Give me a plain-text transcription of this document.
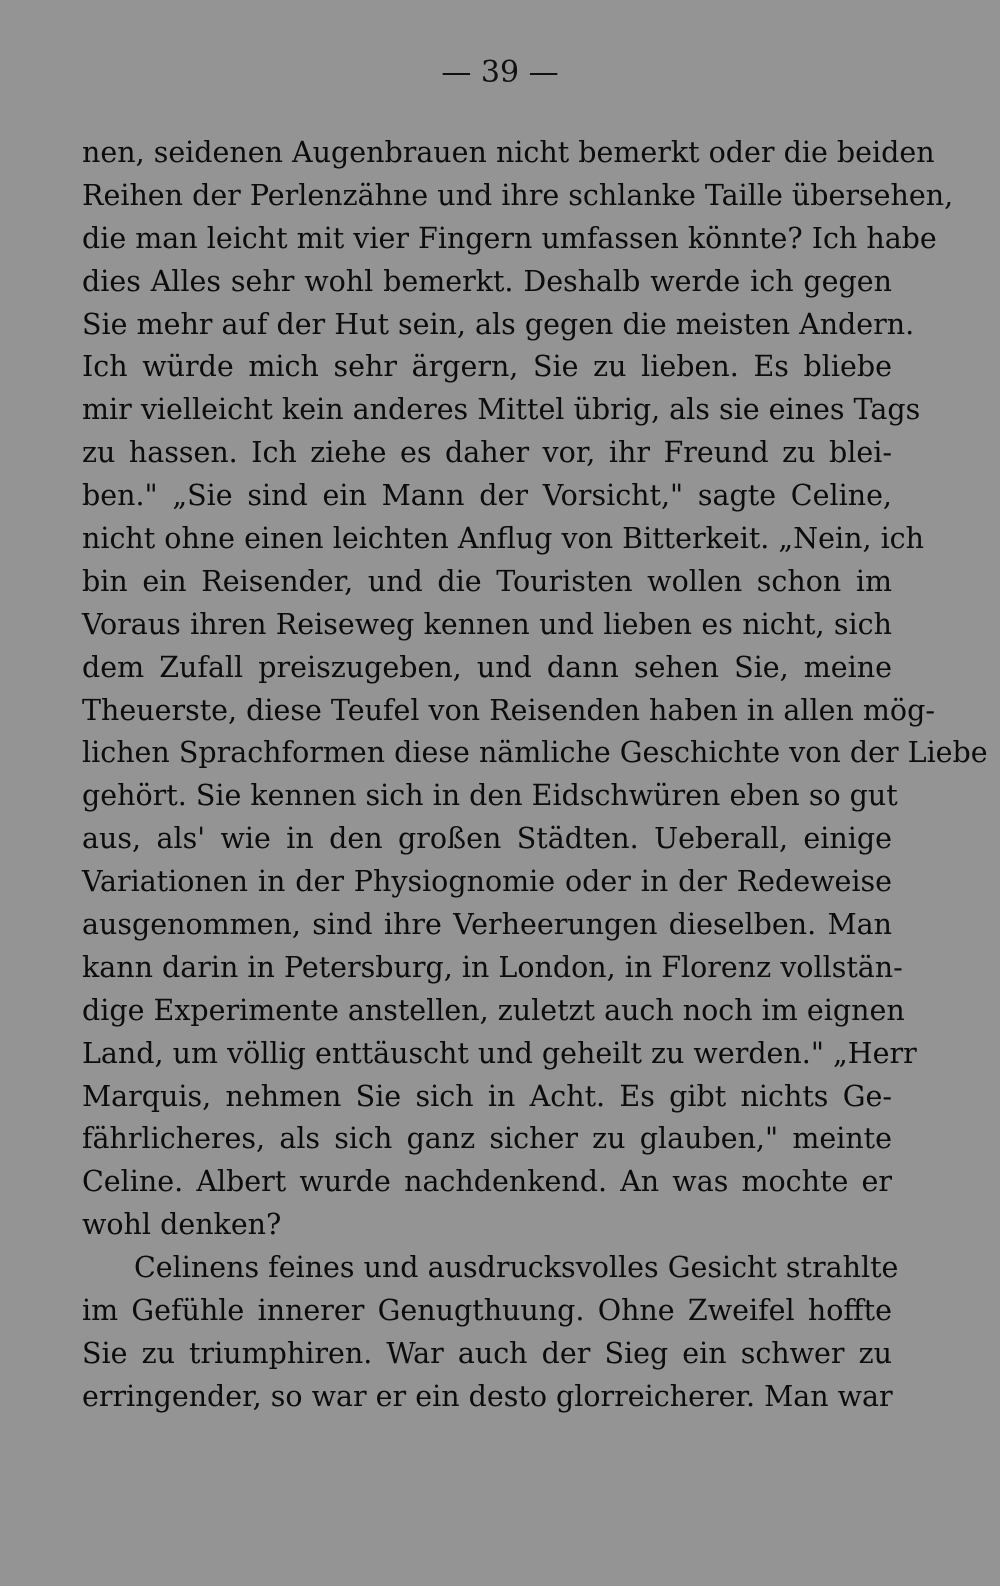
— 39 —
nen, seidenen Augenbrauen nicht bemerkt oder die beiden
Reihen der Perlenzähne und ihre schlanke Taille übersehen,
die man leicht mit vier Fingern umfassen könnte? Ich habe
dies Alles sehr wohl bemerkt. Deshalb werde ich gegen
Sie mehr auf der Hut sein, als gegen die meisten Andern.
Ich würde mich sehr ärgern, Sie zu lieben. Es bliebe
mir vielleicht kein anderes Mittel übrig, als sie eines Tags
zu hassen. Ich ziehe es daher vor, ihr Freund zu blei-
ben." „Sie sind ein Mann der Vorsicht," sagte Celine,
nicht ohne einen leichten Anflug von Bitterkeit. „Nein, ich
bin ein Reisender, und die Touristen wollen schon im
Voraus ihren Reiseweg kennen und lieben es nicht, sich
dem Zufall preiszugeben, und dann sehen Sie, meine
Theuerste, diese Teufel von Reisenden haben in allen mög-
lichen Sprachformen diese nämliche Geschichte von der Liebe
gehört. Sie kennen sich in den Eidschwüren eben so gut
aus, als' wie in den großen Städten. Ueberall, einige
Variationen in der Physiognomie oder in der Redeweise
ausgenommen, sind ihre Verheerungen dieselben. Man
kann darin in Petersburg, in London, in Florenz vollstän-
dige Experimente anstellen, zuletzt auch noch im eignen
Land, um völlig enttäuscht und geheilt zu werden." „Herr
Marquis, nehmen Sie sich in Acht. Es gibt nichts Ge-
fährlicheres, als sich ganz sicher zu glauben," meinte
Celine. Albert wurde nachdenkend. An was mochte er
wohl denken?
Celinens feines und ausdrucksvolles Gesicht strahlte
im Gefühle innerer Genugthuung. Ohne Zweifel hoffte
Sie zu triumphiren. War auch der Sieg ein schwer zu
erringender, so war er ein desto glorreicherer. Man war
